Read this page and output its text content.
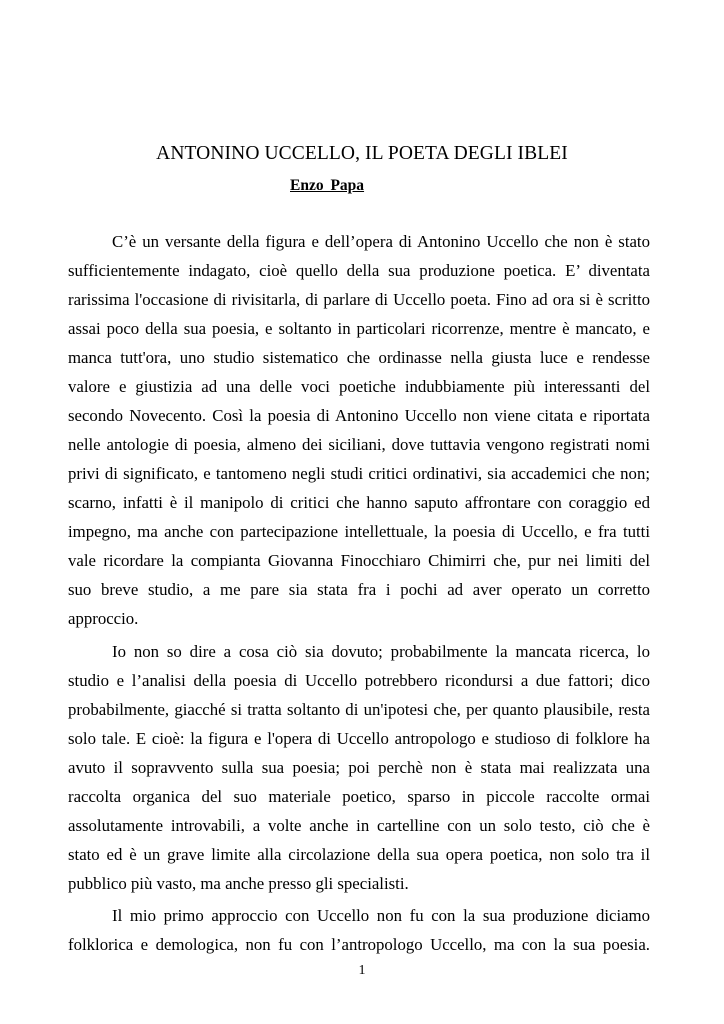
ANTONINO UCCELLO, IL POETA DEGLI IBLEI
Enzo Papa
C’è un versante della figura e dell’opera di Antonino Uccello che non è stato
sufficientemente indagato, cioè quello della sua produzione poetica. E’ diventata
rarissima l'occasione di rivisitarla, di parlare di Uccello poeta. Fino ad ora si è scritto
assai poco della sua poesia, e soltanto in particolari ricorrenze, mentre è mancato, e
manca tutt'ora, uno studio sistematico che ordinasse nella giusta luce e rendesse
valore e giustizia ad una delle voci poetiche indubbiamente più interessanti del
secondo Novecento. Così la poesia di Antonino Uccello non viene citata e riportata
nelle antologie di poesia, almeno dei siciliani, dove tuttavia vengono registrati nomi
privi di significato, e tantomeno negli studi critici ordinativi, sia accademici che non;
scarno, infatti è il manipolo di critici che hanno saputo affrontare con coraggio ed
impegno, ma anche con partecipazione intellettuale, la poesia di Uccello, e fra tutti
vale ricordare la compianta Giovanna Finocchiaro Chimirri che, pur nei limiti del
suo breve studio, a me pare sia stata fra i pochi ad aver operato un corretto
approccio.
Io non so dire a cosa ciò sia dovuto; probabilmente la mancata ricerca, lo
studio e l’analisi della poesia di Uccello potrebbero ricondursi a due fattori; dico
probabilmente, giacché si tratta soltanto di un'ipotesi che, per quanto plausibile, resta
solo tale. E cioè: la figura e l'opera di Uccello antropologo e studioso di folklore ha
avuto il sopravvento sulla sua poesia; poi perchè non è stata mai realizzata una
raccolta organica del suo materiale poetico, sparso in piccole raccolte ormai
assolutamente introvabili, a volte anche in cartelline con un solo testo, ciò che è
stato ed è un grave limite alla circolazione della sua opera poetica, non solo tra il
pubblico più vasto, ma anche presso gli specialisti.
Il mio primo approccio con Uccello non fu con la sua produzione diciamo
folklorica e demologica, non fu con l’antropologo Uccello, ma con la sua poesia.
1
